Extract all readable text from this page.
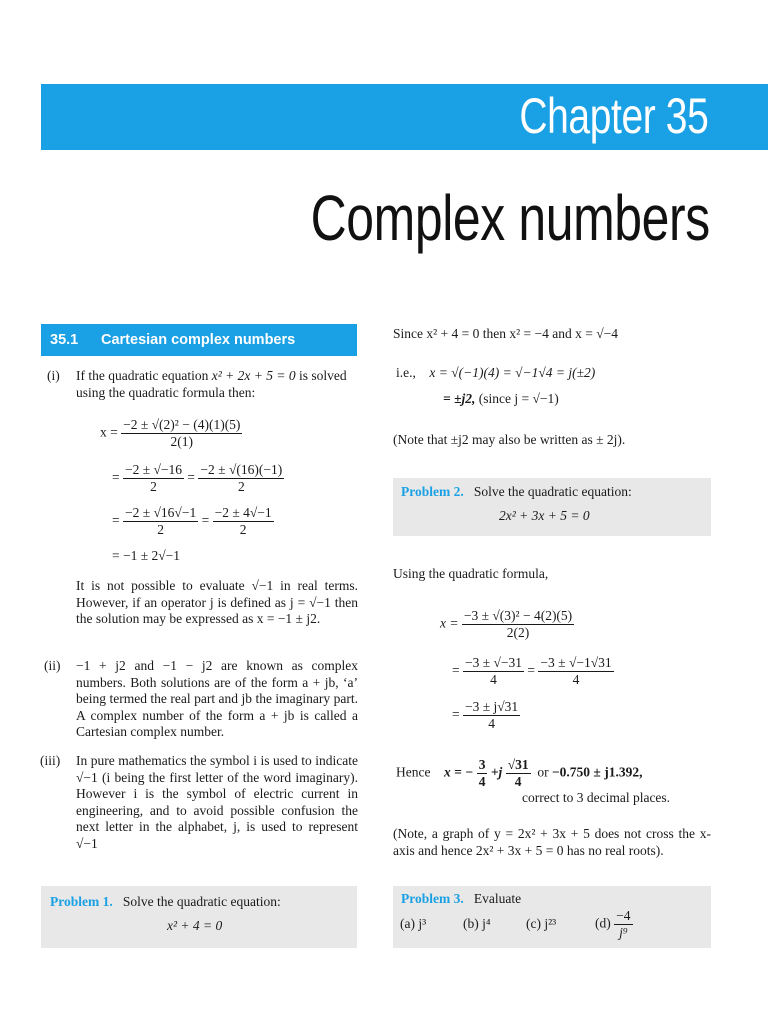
Chapter 35
Complex numbers
35.1 Cartesian complex numbers
(i) If the quadratic equation x² + 2x + 5 = 0 is solved
using the quadratic formula then:
$x = \frac{\text{−2 ± √(2)² − (4)(1)(5)}}{2(1)}$
= $\frac{-2 \pm √-16}{2} = \frac{-2 \pm √(16)(-1)}{2}$
= $\frac{-2 \pm √16√-1}{2} = \frac{-2 \pm 4√-1}{2}$
= −1 ± 2√−1
It is not possible to evaluate √−1 in real terms. However, if an operator j is defined as j = √−1 then the solution may be expressed as x = −1 ± j2.
(ii) −1 + j2 and −1 − j2 are known as complex numbers. Both solutions are of the form a + jb, ‘a’ being termed the real part and jb the imaginary part. A complex number of the form a + jb is called a Cartesian complex number.
(iii) In pure mathematics the symbol i is used to indicate √−1 (i being the first letter of the word imaginary). However i is the symbol of electric current in engineering, and to avoid possible confusion the next letter in the alphabet, j, is used to represent √−1
Problem 1. Solve the quadratic equation:
x² + 4 = 0
Since x² + 4 = 0 then x² = −4 and x = √−4
i.e., x = √(−1)(4) = √−1√4 = j(±2)
= ±j2, (since j = √−1)
(Note that ±j2 may also be written as ± 2j).
Problem 2. Solve the quadratic equation:
2x² + 3x + 5 = 0
Using the quadratic formula,
$x = \frac{\text{−3 ± √(3)² − 4(2)(5)}}{2(2)}$
= $\frac{-3 \pm √-31}{4} = \frac{-3 \pm √-1√31}{4}$
= $\frac{-3 \pm j√31}{4}$
Hence x = − $\frac{3}{4} +j \frac{√31}{4}$ or −0.750 ± j1.392,
correct to 3 decimal places.
(Note, a graph of y = 2x² + 3x + 5 does not cross the x-axis and hence 2x² + 3x + 5 = 0 has no real roots).
Problem 3. Evaluate
(a) j³	(b) j⁴	(c) j²³	$(d) \frac{-4}{\text{j⁹}}$
